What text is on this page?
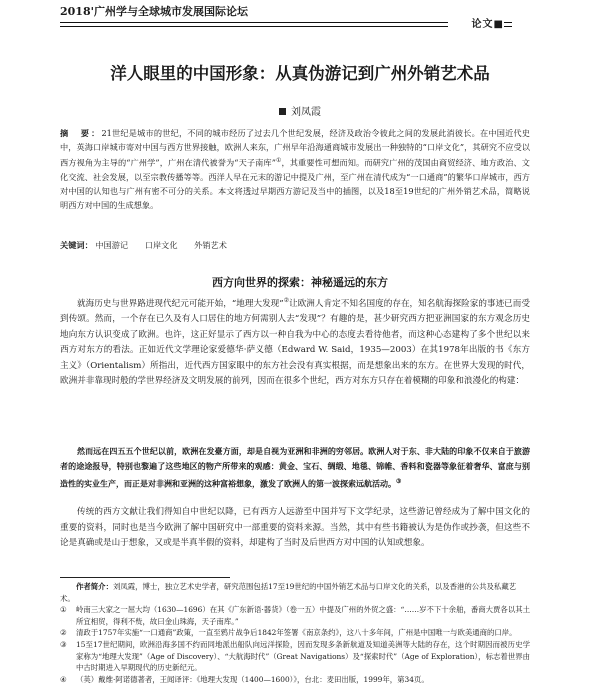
2018'广州学与全球城市发展国际论坛
论文■
洋人眼里的中国形象：从真伪游记到广州外销艺术品
刘凤霞
摘　要：21世纪是城市的世纪，不同的城市经历了过去几个世纪发展，经济及政治令彼此之间的发展此消彼长。在中国近代史中，英海口岸城市寄对中国与西方世界接触，欧洲人来东，广州早年沿海通商城市发展出一种独特的“口岸文化”，其研究不应受以西方视角为主导的“广州学”，广州在清代被誉为“天子南库”①，其重要性可想而知。而研究广州的茂国由商贸经济、地方政治、文化交流、社会发展，以至宗教传播等等。西洋人早在元末的游记中提及广州，至广州在清代成为“一口通商”的繁华口岸城市，西方对中国的认知也与广州有密不可分的关系。本文将透过早期西方游记及当中的插图，以及18至19世纪的广州外销艺术品，简略说明西方对中国的生成想象。
关键词： 中国游记 口岸文化 外销艺术
西方向世界的探索：神秘遥远的东方
就海历史与世界路进现代纪元可能开始，“地理大发现”②让欧洲人肯定不知名国度的存在，知名航海探险家的事迹已而受到传颂。然而，一个存在已久及有人口居住的地方何需别人去“发现”？有趣的是，甚少研究西方把亚洲国家的东方观念历史地向东方认识变成了欧洲。也许，这正好显示了西方以一种自我为中心的态度去看待他者，而这种心态建构了多个世纪以来西方对东方的看法。正如近代文学理论家爱德华·萨义德（Edward W. Said，1935—2003）在其1978年出版的书《东方主义》（Orientalism）所指出，近代西方国家眼中的东方社会没有真实根据，而是想象出来的东方。在世界大发现的时代，欧洲并非靠现时般的学世界经济及文明发展的前列，因而在很多个世纪，西方对东方只存在着模糊的印象和浪漫化的构建：
然而远在四五五个世纪以前，欧洲在发臺方面，却是自视为亚洲和非洲的穷邻居。欧洲人对于东、非大陆的印象不仅来自于旅游者的途途报导，特别也黎遍了这些地区的物产所带来的观感：黄金、宝石、绸缎、地毯、锦帷、香料和瓷器等象征着奢华、富庶与别造性的实业生产，而正是对非洲和亚洲的这种富裕想象，激发了欧洲人的第一波探索远航活动。③
传统的西方文献让我们得知自中世纪以降，已有西方人远游至中国并写下文学纪录，这些游记曾经成为了解中国文化的重要的资料，同时也是当今欧洲了解中国研究中一部重要的资料来源。当然，其中有些书籍被认为是伪作或抄袭，但这些不论是真确或是山于想象，又或是半真半假的资料，却建构了当时及后世西方对中国的认知或想象。
作者简介：刘凤霞，博士，独立艺术史学者，研究范围包括17至19世纪的中国外销艺术品与口岸文化的关系，以及香港的公共及私藏艺术。
① 岭南三大家之一屈大均（1630—1696）在其《广东新语·器货》（卷一五）中提及广州的外贸之盛：“……岁不下十余舶，番商大贾各以其土所宜相贸，得利不赀，故曰金山珠海，天子南库。”
② 清政于1757年实施“一口通商”政策，一直至鸦片战争后1842年签署《南京条约》，这八十多年间，广州是中国唯一与欧美通商的口岸。
③ 15至17世纪期间，欧洲沿海多国不约而同地派出船队向远洋探险，因而发现多条新航道及知道美洲等大陆的存在，这个时期因而被历史学家称为“地理大发现”（Age of Discovery）、“大航海时代”（Great Navigations）及“探索时代”（Age of Exploration），标志着世界由中古时期进入早期现代的历史新纪元。
④ （英）戴维·阿诺德著者，王闻译评：《地理大发现（1400—1600）》，台北：麦田出版，1999年，第34页。
